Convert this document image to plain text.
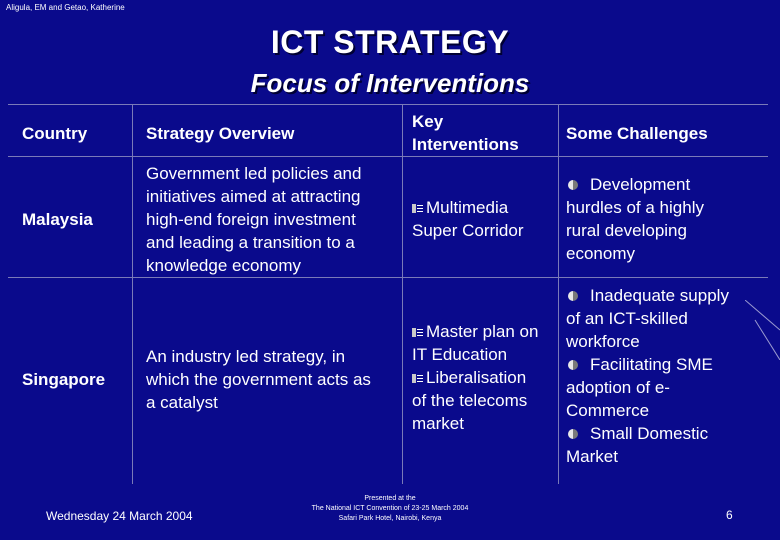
Aligula, EM and Getao, Katherine
ICT STRATEGY
Focus of Interventions
Country	Strategy Overview
Key
Interventions
Some Challenges
Malaysia
Government led policies and
initiatives aimed at attracting
high-end foreign investment
and leading a transition to a
knowledge economy
Multimedia
Super Corridor
Development
hurdles of a highly
rural developing
economy
Singapore
An industry led strategy, in
which the government acts as
a catalyst
Master plan on
IT Education
Liberalisation
of the telecoms
market
Inadequate supply
of an ICT-skilled
workforce
Facilitating SME
adoption of e-
Commerce
Small Domestic
Market
Wednesday 24 March 2004
Presented at the
The National ICT Convention of 23-25 March 2004
Safari Park Hotel, Nairobi, Kenya	6
